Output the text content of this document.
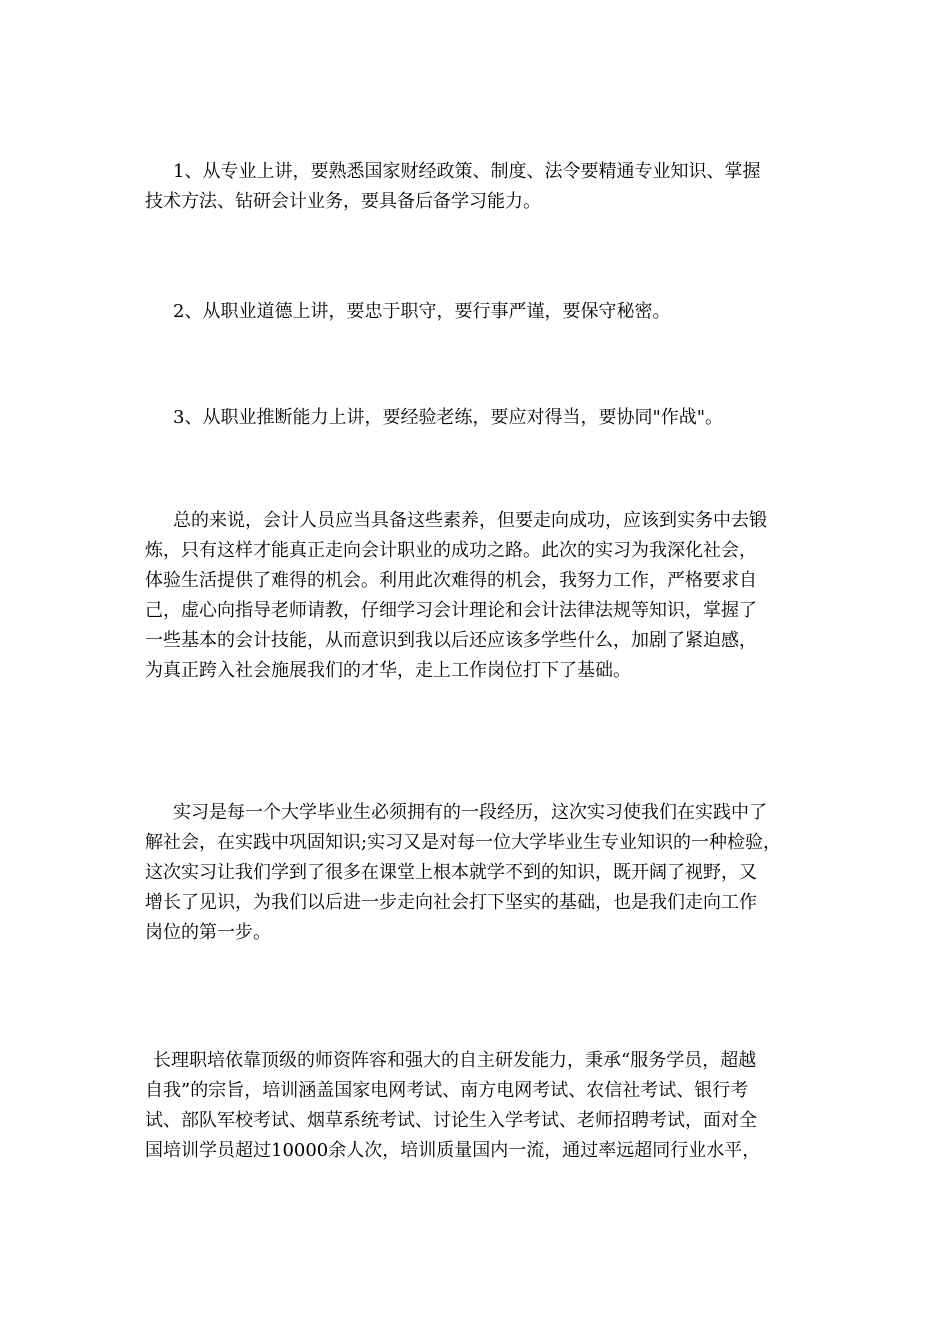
1、从专业上讲，要熟悉国家财经政策、制度、法令要精通专业知识、掌握
技术方法、钻研会计业务，要具备后备学习能力。
2、从职业道德上讲，要忠于职守，要行事严谨，要保守秘密。
3、从职业推断能力上讲，要经验老练，要应对得当，要协同"作战"。
总的来说，会计人员应当具备这些素养，但要走向成功，应该到实务中去锻
炼，只有这样才能真正走向会计职业的成功之路。此次的实习为我深化社会，
体验生活提供了难得的机会。利用此次难得的机会，我努力工作，严格要求自
己，虚心向指导老师请教，仔细学习会计理论和会计法律法规等知识，掌握了
一些基本的会计技能，从而意识到我以后还应该多学些什么，加剧了紧迫感，
为真正跨入社会施展我们的才华，走上工作岗位打下了基础。
实习是每一个大学毕业生必须拥有的一段经历，这次实习使我们在实践中了
解社会，在实践中巩固知识;实习又是对每一位大学毕业生专业知识的一种检验，
这次实习让我们学到了很多在课堂上根本就学不到的知识，既开阔了视野，又
增长了见识，为我们以后进一步走向社会打下坚实的基础，也是我们走向工作
岗位的第一步。
长理职培依靠顶级的师资阵容和强大的自主研发能力，秉承“服务学员，超越
自我”的宗旨，培训涵盖国家电网考试、南方电网考试、农信社考试、银行考
试、部队军校考试、烟草系统考试、讨论生入学考试、老师招聘考试，面对全
国培训学员超过10000余人次，培训质量国内一流，通过率远超同行业水平，
